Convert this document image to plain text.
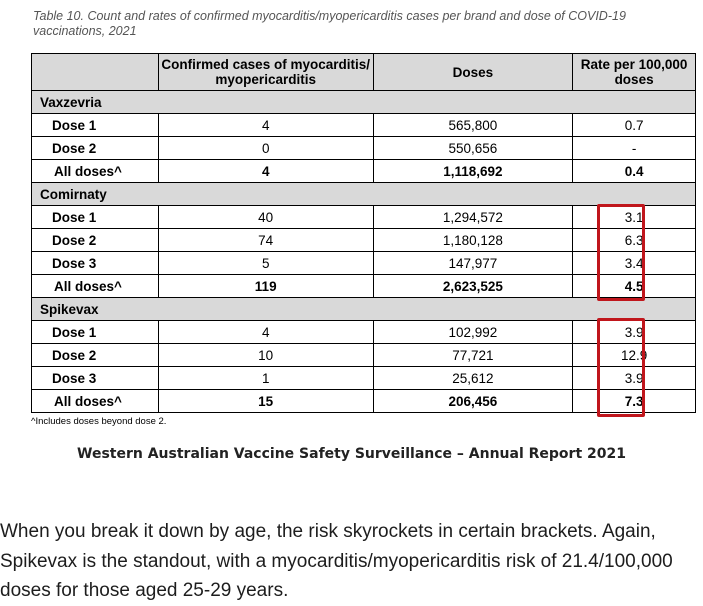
Table 10. Count and rates of confirmed myocarditis/myopericarditis cases per brand and dose of COVID-19 vaccinations, 2021
	Confirmed cases of myocarditis/ myopericarditis	Doses	Rate per 100,000 doses
Vaxzevria			
Dose 1	4	565,800	0.7
Dose 2	0	550,656	-
All doses^	4	1,118,692	0.4
Comirnaty			
Dose 1	40	1,294,572	3.1
Dose 2	74	1,180,128	6.3
Dose 3	5	147,977	3.4
All doses^	119	2,623,525	4.5
Spikevax			
Dose 1	4	102,992	3.9
Dose 2	10	77,721	12.9
Dose 3	1	25,612	3.9
All doses^	15	206,456	7.3
^Includes doses beyond dose 2.
Western Australian Vaccine Safety Surveillance – Annual Report 2021
When you break it down by age, the risk skyrockets in certain brackets. Again, Spikevax is the standout, with a myocarditis/myopericarditis risk of 21.4/100,000 doses for those aged 25-29 years.
